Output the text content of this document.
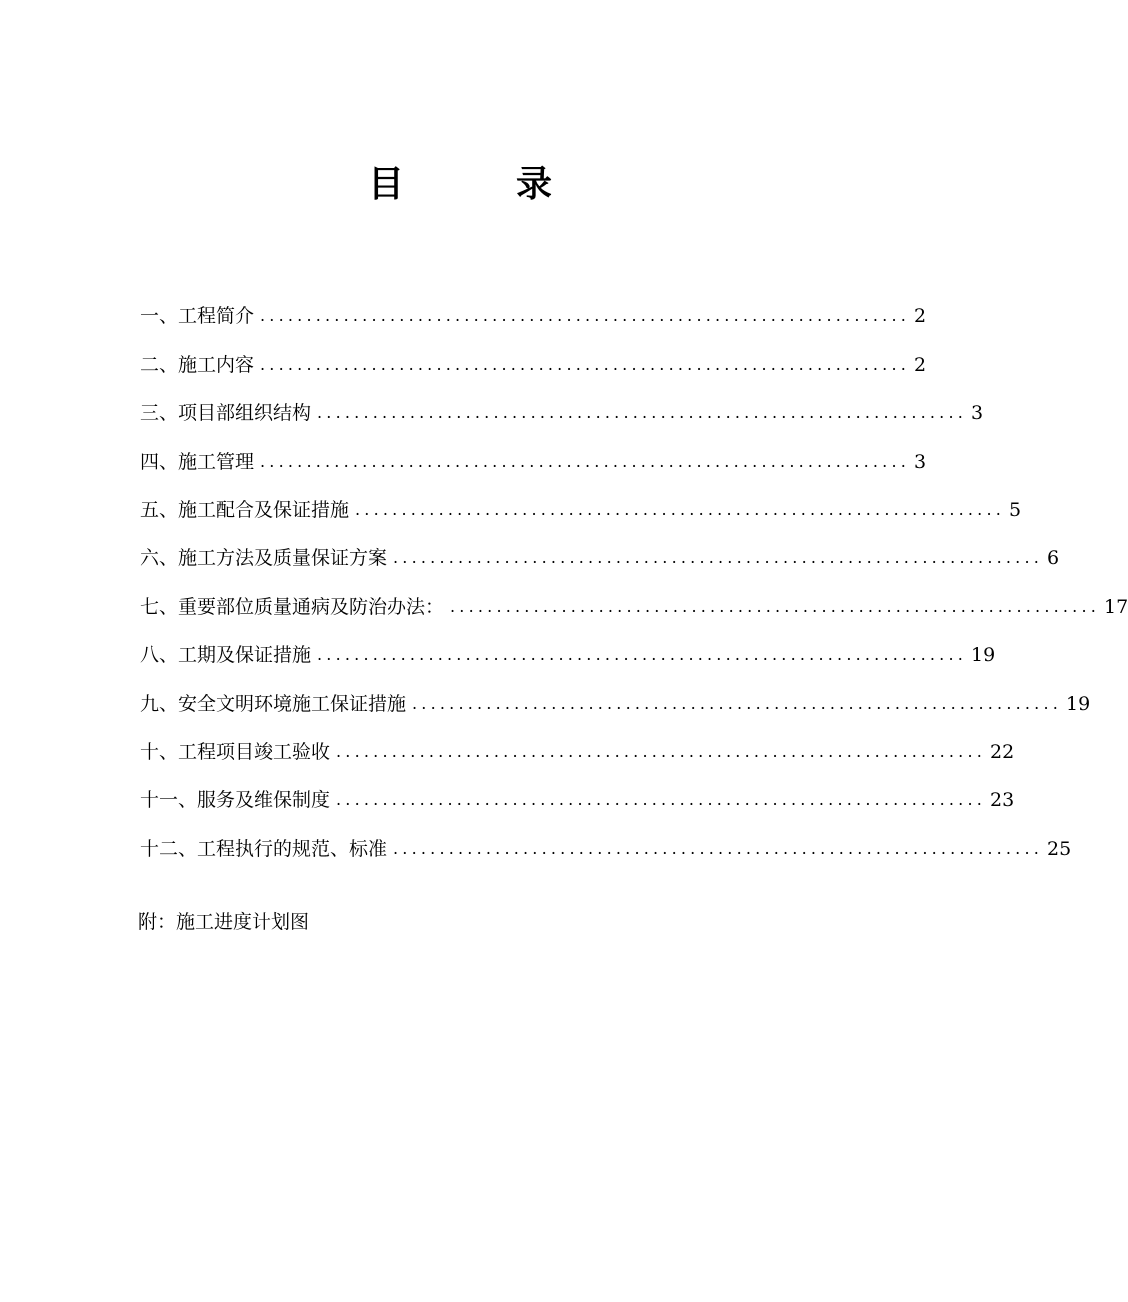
目	录
一、工程简介 ...................................................................... 2
二、施工内容 ...................................................................... 2
三、项目部组织结构 ...................................................................... 3
四、施工管理 ...................................................................... 3
五、施工配合及保证措施 ...................................................................... 5
六、施工方法及质量保证方案 ...................................................................... 6
七、重要部位质量通病及防治办法： ...................................................................... 17
八、工期及保证措施 ...................................................................... 19
九、安全文明环境施工保证措施 ...................................................................... 19
十、工程项目竣工验收 ...................................................................... 22
十一、服务及维保制度 ...................................................................... 23
十二、工程执行的规范、标准 ...................................................................... 25
附：施工进度计划图
